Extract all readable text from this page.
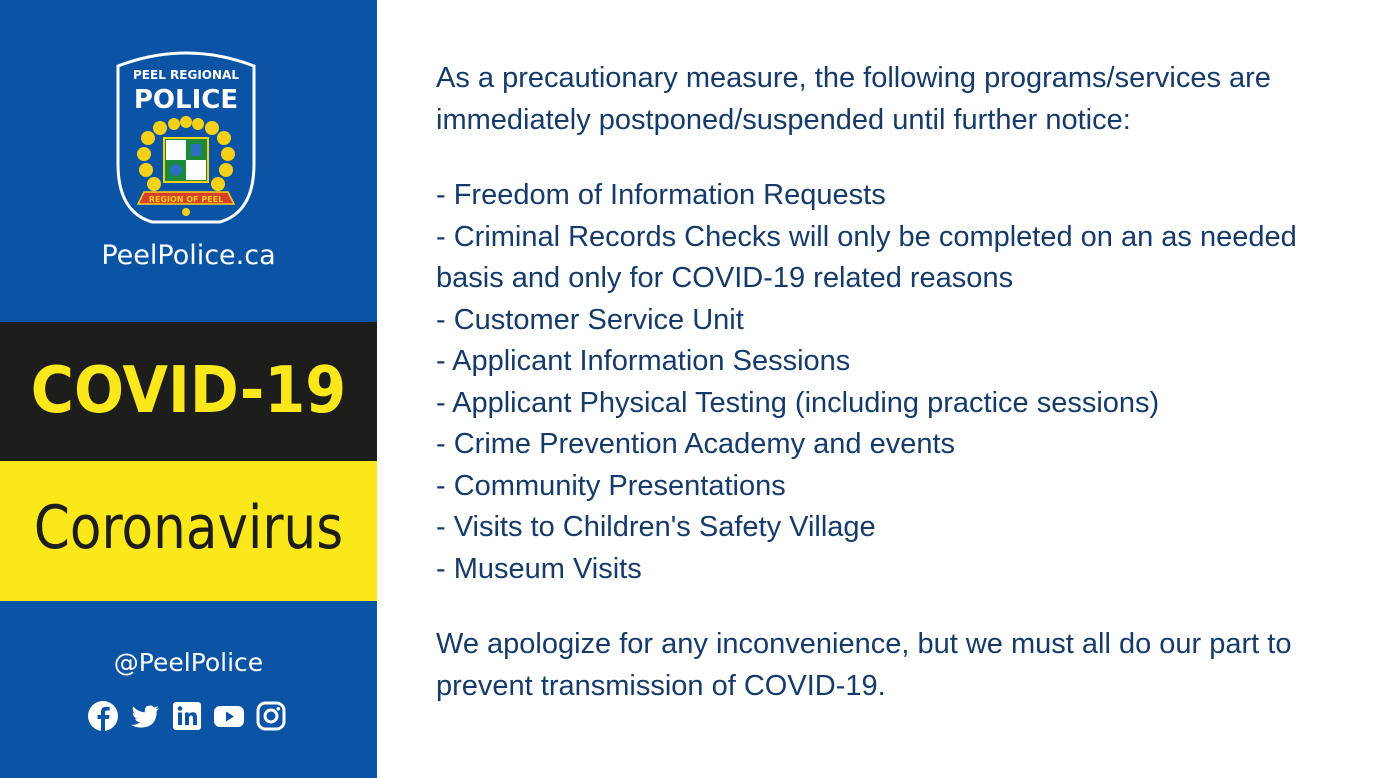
PEEL REGIONAL
POLICE
REGION OF PEEL
PeelPolice.ca
COVID-19
Coronavirus
@PeelPolice

As a precautionary measure, the following programs/services are immediately postponed/suspended until further notice:

- Freedom of Information Requests
- Criminal Records Checks will only be completed on an as needed basis and only for COVID-19 related reasons
- Customer Service Unit
- Applicant Information Sessions
- Applicant Physical Testing (including practice sessions)
- Crime Prevention Academy and events
- Community Presentations
- Visits to Children's Safety Village
- Museum Visits

We apologize for any inconvenience, but we must all do our part to prevent transmission of COVID-19.
